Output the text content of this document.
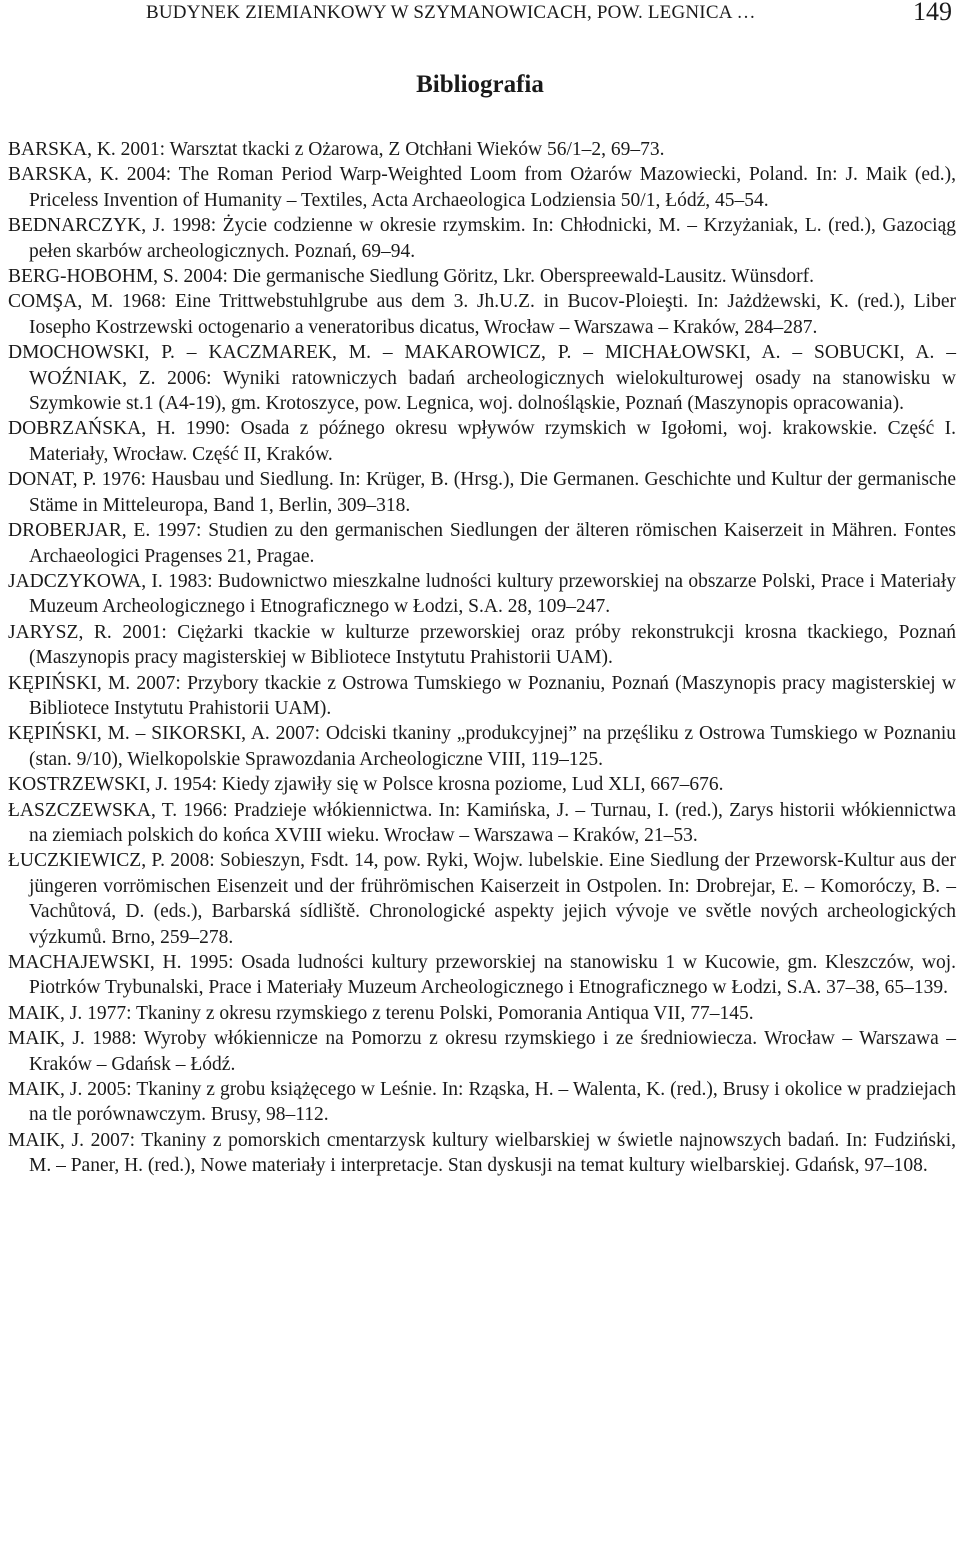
BUDYNEK ZIEMIANKOWY W SZYMANOWICACH, POW. LEGNICA …	149
Bibliografia
BARSKA, K. 2001: Warsztat tkacki z Ożarowa, Z Otchłani Wieków 56/1–2, 69–73.
BARSKA, K. 2004: The Roman Period Warp-Weighted Loom from Ożarów Mazowiecki, Poland. In: J. Maik (ed.), Priceless Invention of Humanity – Textiles, Acta Archaeologica Lodziensia 50/1, Łódź, 45–54.
BEDNARCZYK, J. 1998: Życie codzienne w okresie rzymskim. In: Chłodnicki, M. – Krzyżaniak, L. (red.), Gazociąg pełen skarbów archeologicznych. Poznań, 69–94.
BERG-HOBOHM, S. 2004: Die germanische Siedlung Göritz, Lkr. Oberspreewald-Lausitz. Wünsdorf.
COMŞA, M. 1968: Eine Trittwebstuhlgrube aus dem 3. Jh.U.Z. in Bucov-Ploieşti. In: Jażdżewski, K. (red.), Liber Iosepho Kostrzewski octogenario a veneratoribus dicatus, Wrocław – Warszawa – Kraków, 284–287.
DMOCHOWSKI, P. – KACZMAREK, M. – MAKAROWICZ, P. – MICHAŁOWSKI, A. – SOBUCKI, A. – WOŹNIAK, Z. 2006: Wyniki ratowniczych badań archeologicznych wielokulturowej osady na stanowisku w Szymkowie st.1 (A4-19), gm. Krotoszyce, pow. Legnica, woj. dolnośląskie, Poznań (Maszynopis opracowania).
DOBRZAŃSKA, H. 1990: Osada z późnego okresu wpływów rzymskich w Igołomi, woj. krakowskie. Część I. Materiały, Wrocław. Część II, Kraków.
DONAT, P. 1976: Hausbau und Siedlung. In: Krüger, B. (Hrsg.), Die Germanen. Geschichte und Kultur der germanische Stäme in Mitteleuropa, Band 1, Berlin, 309–318.
DROBERJAR, E. 1997: Studien zu den germanischen Siedlungen der älteren römischen Kaiserzeit in Mähren. Fontes Archaeologici Pragenses 21, Pragae.
JADCZYKOWA, I. 1983: Budownictwo mieszkalne ludności kultury przeworskiej na obszarze Polski, Prace i Materiały Muzeum Archeologicznego i Etnograficznego w Łodzi, S.A. 28, 109–247.
JARYSZ, R. 2001: Ciężarki tkackie w kulturze przeworskiej oraz próby rekonstrukcji krosna tkackiego, Poznań (Maszynopis pracy magisterskiej w Bibliotece Instytutu Prahistorii UAM).
KĘPIŃSKI, M. 2007: Przybory tkackie z Ostrowa Tumskiego w Poznaniu, Poznań (Maszynopis pracy magisterskiej w Bibliotece Instytutu Prahistorii UAM).
KĘPIŃSKI, M. – SIKORSKI, A. 2007: Odciski tkaniny „produkcyjnej” na przęśliku z Ostrowa Tumskiego w Poznaniu (stan. 9/10), Wielkopolskie Sprawozdania Archeologiczne VIII, 119–125.
KOSTRZEWSKI, J. 1954: Kiedy zjawiły się w Polsce krosna poziome, Lud XLI, 667–676.
ŁASZCZEWSKA, T. 1966: Pradzieje włókiennictwa. In: Kamińska, J. – Turnau, I. (red.), Zarys historii włókiennictwa na ziemiach polskich do końca XVIII wieku. Wrocław – Warszawa – Kraków, 21–53.
ŁUCZKIEWICZ, P. 2008: Sobieszyn, Fsdt. 14, pow. Ryki, Wojw. lubelskie. Eine Siedlung der Przeworsk-Kultur aus der jüngeren vorrömischen Eisenzeit und der frührömischen Kaiserzeit in Ostpolen. In: Drobrejar, E. – Komoróczy, B. – Vachůtová, D. (eds.), Barbarská sídliště. Chronologické aspekty jejich vývoje ve světle nových archeologických výzkumů. Brno, 259–278.
MACHAJEWSKI, H. 1995: Osada ludności kultury przeworskiej na stanowisku 1 w Kucowie, gm. Kleszczów, woj. Piotrków Trybunalski, Prace i Materiały Muzeum Archeologicznego i Etnograficznego w Łodzi, S.A. 37–38, 65–139.
MAIK, J. 1977: Tkaniny z okresu rzymskiego z terenu Polski, Pomorania Antiqua VII, 77–145.
MAIK, J. 1988: Wyroby włókiennicze na Pomorzu z okresu rzymskiego i ze średniowiecza. Wrocław – Warszawa – Kraków – Gdańsk – Łódź.
MAIK, J. 2005: Tkaniny z grobu książęcego w Leśnie. In: Rząska, H. – Walenta, K. (red.), Brusy i okolice w pradziejach na tle porównawczym. Brusy, 98–112.
MAIK, J. 2007: Tkaniny z pomorskich cmentarzysk kultury wielbarskiej w świetle najnowszych badań. In: Fudziński, M. – Paner, H. (red.), Nowe materiały i interpretacje. Stan dyskusji na temat kultury wielbarskiej. Gdańsk, 97–108.
